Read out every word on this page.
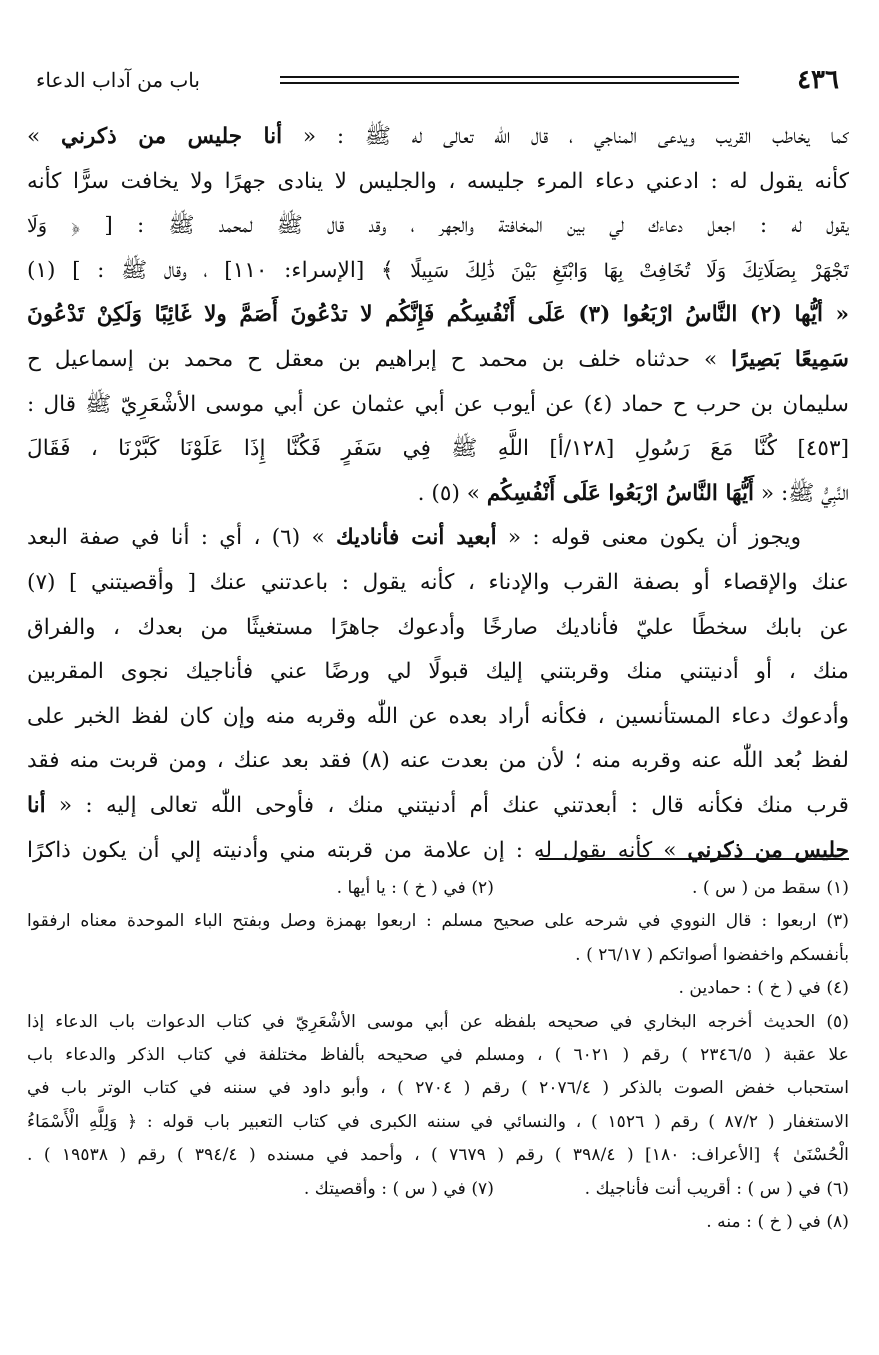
٤٣٦
باب من آداب الدعاء
كما يخاطب القريب ويدعى المناجي ، قال اللّٰه تعالى له ﷺ : « أنا جليس من ذكرني »
كأنه يقول له : ادعني دعاء المرء جليسه ، والجليس لا ينادى جهرًا ولا يخافت سرًّا كأنه
يقول له : اجعل دعاءك لي بين المخافتة والجهر ، وقد قال ﷺ لمحمد ﷺ : [ ﴿ وَلَا
تَجْهَرْ بِصَلَاتِكَ وَلَا تُخَافِتْ بِهَا وَابْتَغِ بَيْنَ ذَٰلِكَ سَبِيلًا ﴾ [الإسراء: ١١٠] ، وقال ﷺ : ] (١)
« أيُّها (٢) النَّاسُ ارْبَعُوا (٣) عَلَى أَنْفُسِكُم فَإِنَّكُم لا تدْعُونَ أَصَمَّ ولا غَائِبًا وَلَكِنْ تَدْعُونَ
سَمِيعًا بَصِيرًا » حدثناه خلف بن محمد ح إبراهيم بن معقل ح محمد بن إسماعيل ح
سليمان بن حرب ح حماد (٤) عن أيوب عن أبي عثمان عن أبي موسى الأشْعَرِيّ ﷺ قال :
[٤٥٣] كُنَّا مَعَ رَسُولِ [١٢٨/أ] اللَّهِ ﷺ فِي سَفَرٍ فَكُنَّا إِذَا عَلَوْنَا كَبَّرْنَا ، فَقَالَ
النَّبِيُّ ﷺ: « أَيُّهَا النَّاسُ ارْبَعُوا عَلَى أَنْفُسِكُم » (٥) .
ويجوز أن يكون معنى قوله : « أبعيد أنت فأناديك » (٦) ، أي : أنا في صفة البعد
عنك والإقصاء أو بصفة القرب والإدناء ، كأنه يقول : باعدتني عنك [ وأقصيتني ] (٧)
عن بابك سخطًا عليّ فأناديك صارخًا وأدعوك جاهرًا مستغيثًا من بعدك ، والفراق
منك ، أو أدنيتني منك وقربتني إليك قبولًا لي ورضًا عني فأناجيك نجوى المقربين
وأدعوك دعاء المستأنسين ، فكأنه أراد بعده عن اللّٰه وقربه منه وإن كان لفظ الخبر على
لفظ بُعد اللّٰه عنه وقربه منه ؛ لأن من بعدت عنه (٨) فقد بعد عنك ، ومن قربت منه فقد
قرب منك فكأنه قال : أبعدتني عنك أم أدنيتني منك ، فأوحى اللّٰه تعالى إليه : « أنا
جليس من ذكرني » كأنه يقول له : إن علامة من قربته مني وأدنيته إلي أن يكون ذاكرًا
(١) سقط من ( س ) .
(٢) في ( خ ) : يا أيها .
(٣) اربعوا : قال النووي في شرحه على صحيح مسلم : اربعوا بهمزة وصل وبفتح الباء الموحدة معناه ارفقوا
بأنفسكم واخفضوا أصواتكم ( ٢٦/١٧ ) .
(٤) في ( خ ) : حمادين .
(٥) الحديث أخرجه البخاري في صحيحه بلفظه عن أبي موسى الأشْعَرِيّ في كتاب الدعوات باب الدعاء إذا
علا عقبة ( ٢٣٤٦/٥ ) رقم ( ٦٠٢١ ) ، ومسلم في صحيحه بألفاظ مختلفة في كتاب الذكر والدعاء باب
استحباب خفض الصوت بالذكر ( ٢٠٧٦/٤ ) رقم ( ٢٧٠٤ ) ، وأبو داود في سننه في كتاب الوتر باب في
الاستغفار ( ٨٧/٢ ) رقم ( ١٥٢٦ ) ، والنسائي في سننه الكبرى في كتاب التعبير باب قوله : ﴿ وَلِلَّهِ الْأَسْمَاءُ
الْحُسْنَىٰ ﴾ [الأعراف: ١٨٠] ( ٣٩٨/٤ ) رقم ( ٧٦٧٩ ) ، وأحمد في مسنده ( ٣٩٤/٤ ) رقم ( ١٩٥٣٨ ) .
(٦) في ( س ) : أقريب أنت فأناجيك .
(٧) في ( س ) : وأقصيتك .
(٨) في ( خ ) : منه .
